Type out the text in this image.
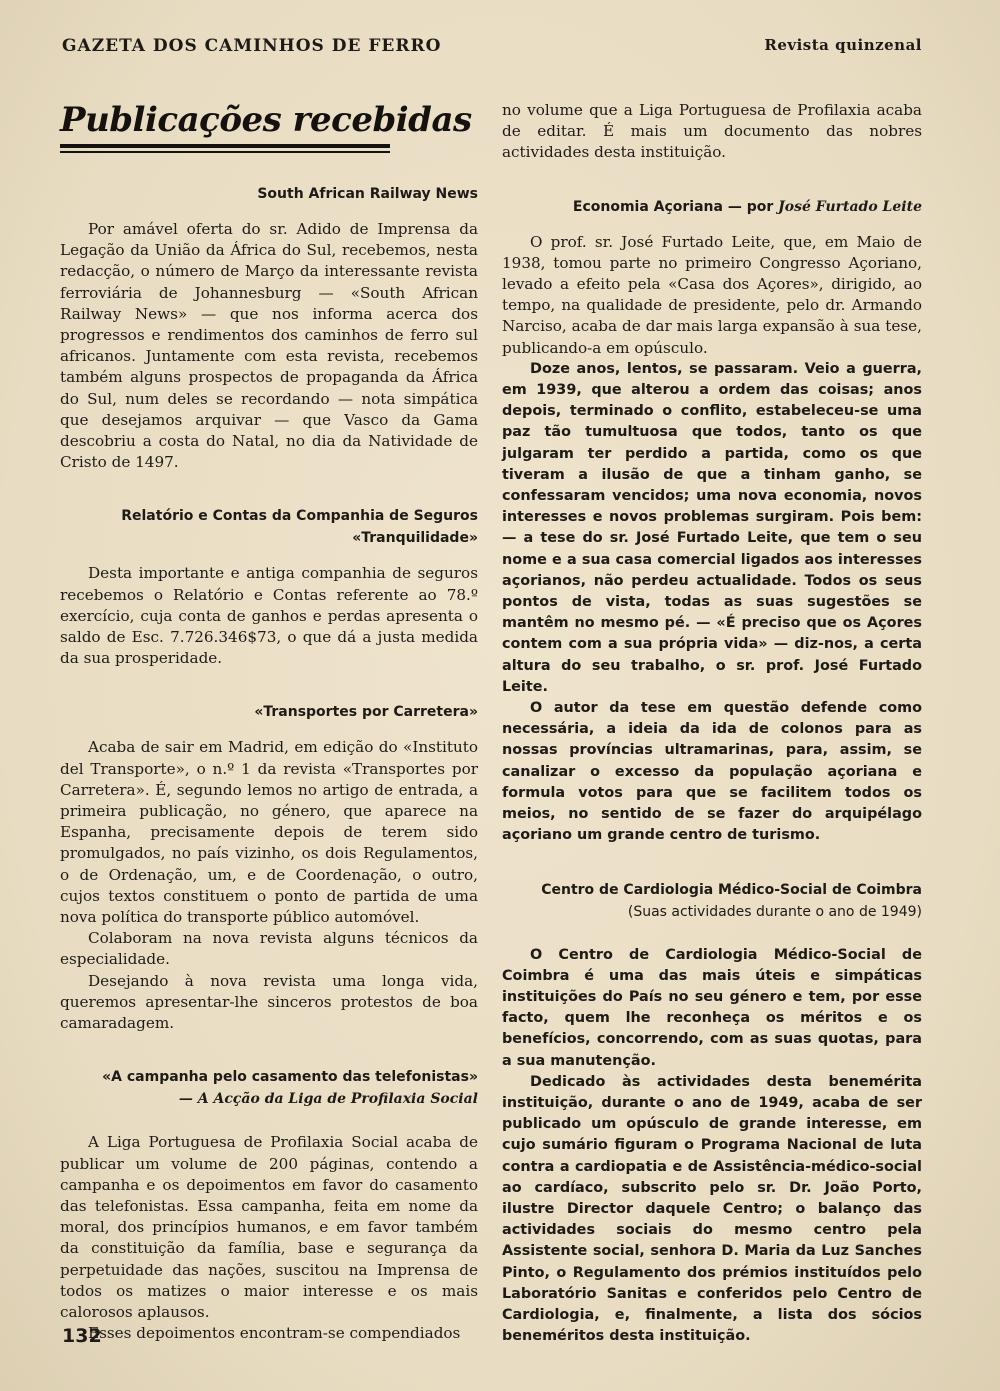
GAZETA DOS CAMINHOS DE FERRO	Revista quinzenal
Publicações recebidas
South African Railway News

Por amável oferta do sr. Adido de Imprensa da Legação da União da África do Sul, recebemos, nesta redacção, o número de Março da interessante revista ferroviária de Johannesburg — «South African Railway News» — que nos informa acerca dos progressos e rendimentos dos caminhos de ferro sul africanos. Juntamente com esta revista, recebemos também alguns prospectos de propaganda da África do Sul, num deles se recordando — nota simpática que desejamos arquivar — que Vasco da Gama descobriu a costa do Natal, no dia da Natividade de Cristo de 1497.

Relatório e Contas da Companhia de Seguros
«Tranquilidade»

Desta importante e antiga companhia de seguros recebemos o Relatório e Contas referente ao 78.º exercício, cuja conta de ganhos e perdas apresenta o saldo de Esc. 7.726.346$73, o que dá a justa medida da sua prosperidade.

«Transportes por Carretera»

Acaba de sair em Madrid, em edição do «Instituto del Transporte», o n.º 1 da revista «Transportes por Carretera». É, segundo lemos no artigo de entrada, a primeira publicação, no género, que aparece na Espanha, precisamente depois de terem sido promulgados, no país vizinho, os dois Regulamentos, o de Ordenação, um, e de Coordenação, o outro, cujos textos constituem o ponto de partida de uma nova política do transporte público automóvel.

Colaboram na nova revista alguns técnicos da especialidade.

Desejando à nova revista uma longa vida, queremos apresentar-lhe sinceros protestos de boa camaradagem.

«A campanha pelo casamento das telefonistas»
— A Acção da Liga de Profilaxia Social

A Liga Portuguesa de Profilaxia Social acaba de publicar um volume de 200 páginas, contendo a campanha e os depoimentos em favor do casamento das telefonistas. Essa campanha, feita em nome da moral, dos princípios humanos, e em favor também da constituição da família, base e segurança da perpetuidade das nações, suscitou na Imprensa de todos os matizes o maior interesse e os mais calorosos aplausos.

Esses depoimentos encontram-se compendiados

no volume que a Liga Portuguesa de Profilaxia acaba de editar. É mais um documento das nobres actividades desta instituição.

Economia Açoriana — por José Furtado Leite

O prof. sr. José Furtado Leite, que, em Maio de 1938, tomou parte no primeiro Congresso Açoriano, levado a efeito pela «Casa dos Açores», dirigido, ao tempo, na qualidade de presidente, pelo dr. Armando Narciso, acaba de dar mais larga expansão à sua tese, publicando-a em opúsculo.

Doze anos, lentos, se passaram. Veio a guerra, em 1939, que alterou a ordem das coisas; anos depois, terminado o conflito, estabeleceu-se uma paz tão tumultuosa que todos, tanto os que julgaram ter perdido a partida, como os que tiveram a ilusão de que a tinham ganho, se confessaram vencidos; uma nova economia, novos interesses e novos problemas surgiram. Pois bem: — a tese do sr. José Furtado Leite, que tem o seu nome e a sua casa comercial ligados aos interesses açorianos, não perdeu actualidade. Todos os seus pontos de vista, todas as suas sugestões se mantêm no mesmo pé. — «É preciso que os Açores contem com a sua própria vida» — diz-nos, a certa altura do seu trabalho, o sr. prof. José Furtado Leite.

O autor da tese em questão defende como necessária, a ideia da ida de colonos para as nossas províncias ultramarinas, para, assim, se canalizar o excesso da população açoriana e formula votos para que se facilitem todos os meios, no sentido de se fazer do arquipélago açoriano um grande centro de turismo.

Centro de Cardiologia Médico-Social de Coimbra
(Suas actividades durante o ano de 1949)

O Centro de Cardiologia Médico-Social de Coimbra é uma das mais úteis e simpáticas instituições do País no seu género e tem, por esse facto, quem lhe reconheça os méritos e os benefícios, concorrendo, com as suas quotas, para a sua manutenção.

Dedicado às actividades desta benemérita instituição, durante o ano de 1949, acaba de ser publicado um opúsculo de grande interesse, em cujo sumário figuram o Programa Nacional de luta contra a cardiopatia e de Assistência-médico-social ao cardíaco, subscrito pelo sr. Dr. João Porto, ilustre Director daquele Centro; o balanço das actividades sociais do mesmo centro pela Assistente social, senhora D. Maria da Luz Sanches Pinto, o Regulamento dos prémios instituídos pelo Laboratório Sanitas e conferidos pelo Centro de Cardiologia, e, finalmente, a lista dos sócios beneméritos desta instituição.

132
